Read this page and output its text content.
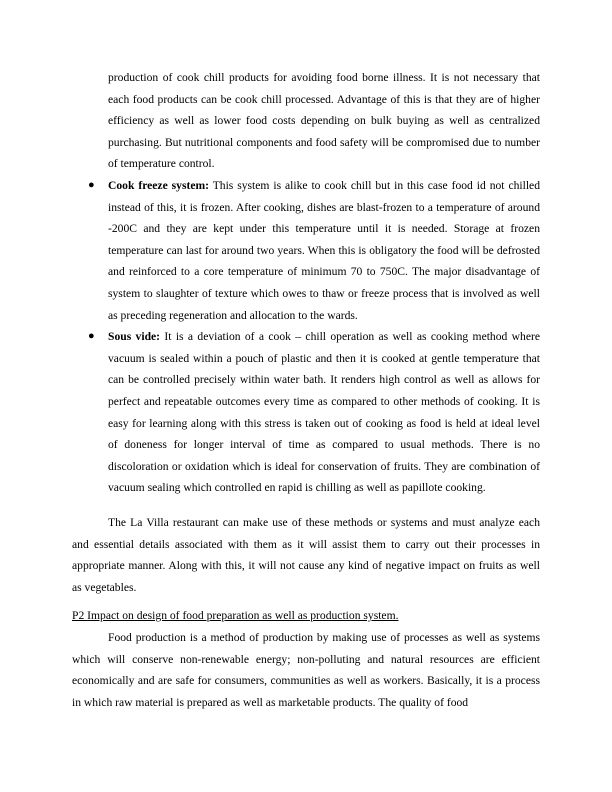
production of cook chill products for avoiding food borne illness. It is not necessary that each food products can be cook chill processed. Advantage of this is that they are of higher efficiency as well as lower food costs depending on bulk buying as well as centralized purchasing. But nutritional components and food safety will be compromised due to number of temperature control.

● Cook freeze system: This system is alike to cook chill but in this case food id not chilled instead of this, it is frozen. After cooking, dishes are blast-frozen to a temperature of around -200C and they are kept under this temperature until it is needed. Storage at frozen temperature can last for around two years. When this is obligatory the food will be defrosted and reinforced to a core temperature of minimum 70 to 750C. The major disadvantage of system to slaughter of texture which owes to thaw or freeze process that is involved as well as preceding regeneration and allocation to the wards.
● Sous vide: It is a deviation of a cook – chill operation as well as cooking method where vacuum is sealed within a pouch of plastic and then it is cooked at gentle temperature that can be controlled precisely within water bath. It renders high control as well as allows for perfect and repeatable outcomes every time as compared to other methods of cooking. It is easy for learning along with this stress is taken out of cooking as food is held at ideal level of doneness for longer interval of time as compared to usual methods. There is no discoloration or oxidation which is ideal for conservation of fruits. They are combination of vacuum sealing which controlled en rapid is chilling as well as papillote cooking.

The La Villa restaurant can make use of these methods or systems and must analyze each and essential details associated with them as it will assist them to carry out their processes in appropriate manner. Along with this, it will not cause any kind of negative impact on fruits as well as vegetables.

P2 Impact on design of food preparation as well as production system.

Food production is a method of production by making use of processes as well as systems which will conserve non-renewable energy; non-polluting and natural resources are efficient economically and are safe for consumers, communities as well as workers. Basically, it is a process in which raw material is prepared as well as marketable products. The quality of food
